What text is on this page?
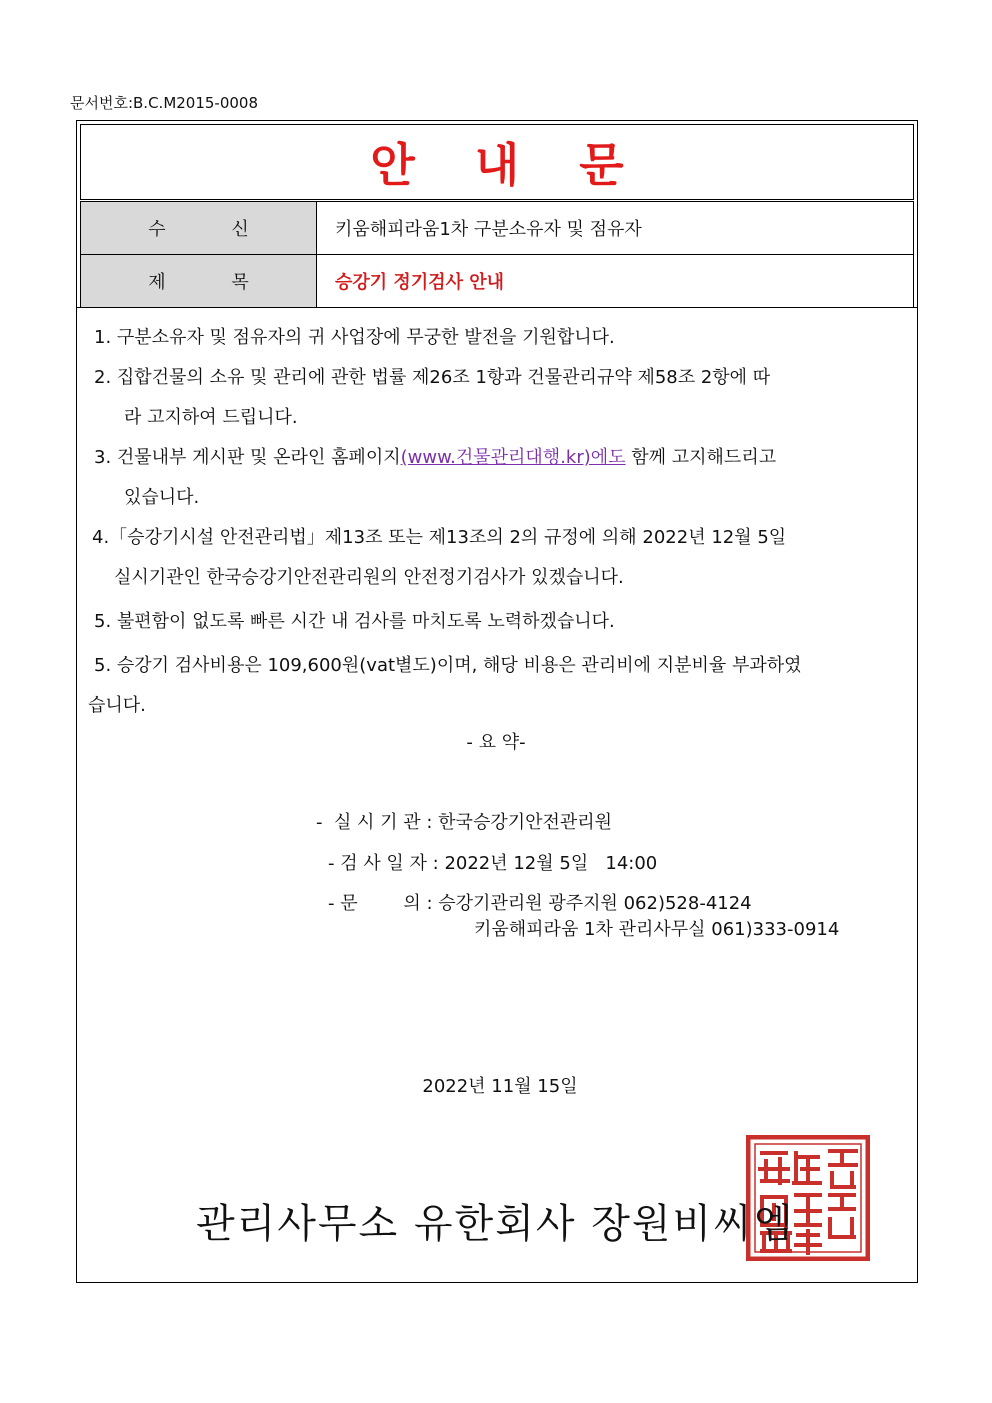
문서번호:B.C.M2015-0008
안내문
수 신	키움해피라움1차 구분소유자 및 점유자
제 목	승강기 정기검사 안내
1. 구분소유자 및 점유자의 귀 사업장에 무궁한 발전을 기원합니다.
2. 집합건물의 소유 및 관리에 관한 법률 제26조 1항과 건물관리규약 제58조 2항에 따
라 고지하여 드립니다.
3. 건물내부 게시판 및 온라인 홈페이지(www.건물관리대행.kr)에도 함께 고지해드리고
있습니다.
4.「승강기시설 안전관리법」제13조 또는 제13조의 2의 규정에 의해 2022년 12월 5일
실시기관인 한국승강기안전관리원의 안전정기검사가 있겠습니다.
5. 불편함이 없도록 빠른 시간 내 검사를 마치도록 노력하겠습니다.
5. 승강기 검사비용은 109,600원(vat별도)이며, 해당 비용은 관리비에 지분비율 부과하였
습니다.
- 요 약-
-  실 시 기 관 : 한국승강기안전관리원
- 검 사 일 자 : 2022년 12월 5일   14:00
- 문        의 : 승강기관리원 광주지원 062)528-4124
키움해피라움 1차 관리사무실 061)333-0914
2022년 11월 15일
관리사무소 유한회사 장원비씨엠
